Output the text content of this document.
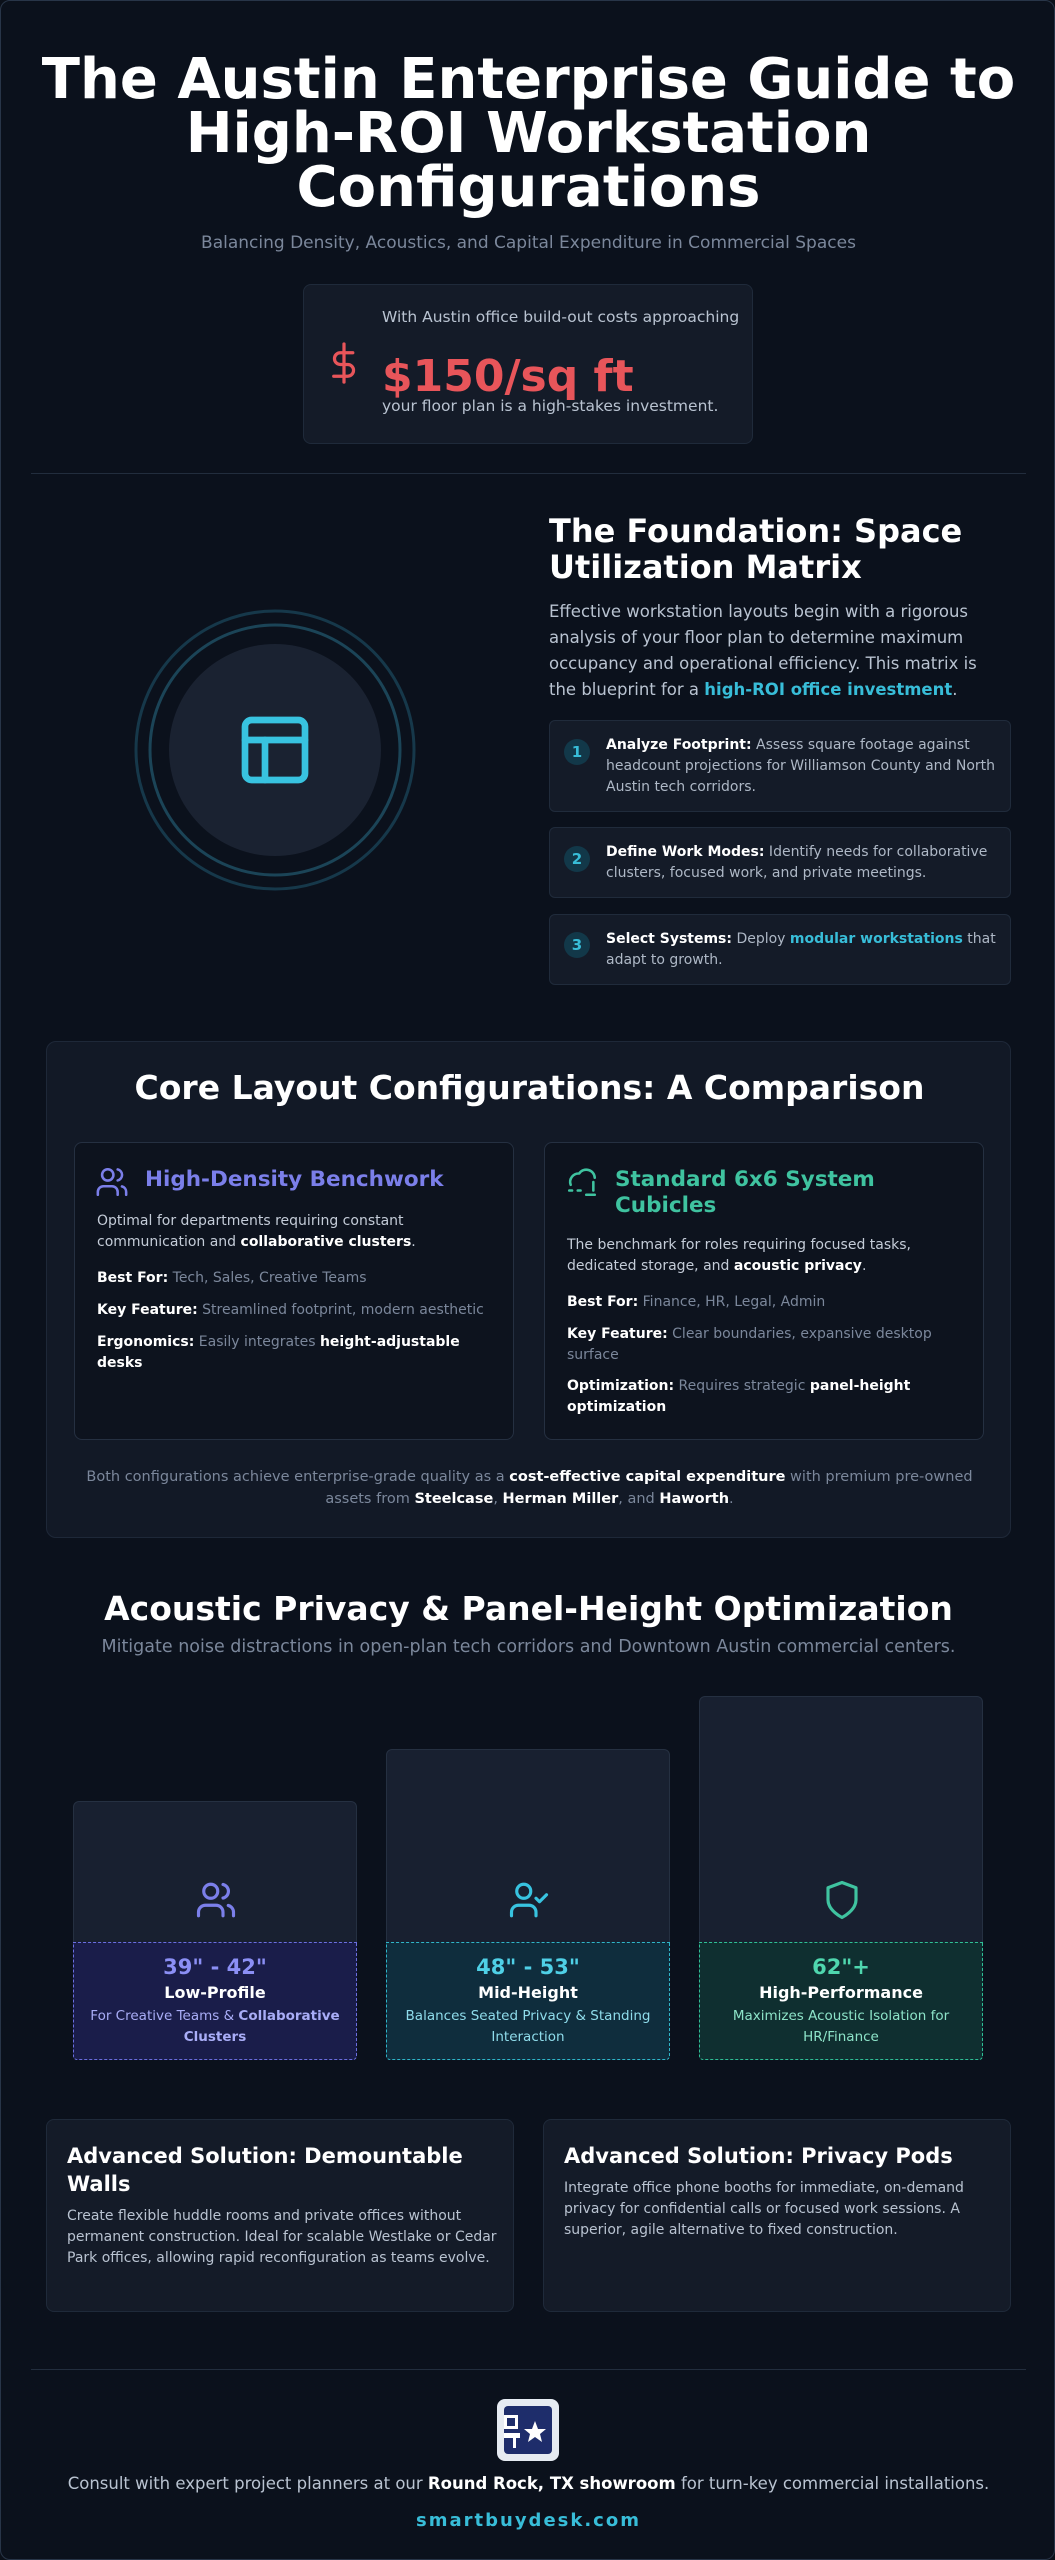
The Austin Enterprise Guide to High-ROI Workstation Configurations
Balancing Density, Acoustics, and Capital Expenditure in Commercial Spaces
With Austin office build-out costs approaching
$150/sq ft
your floor plan is a high-stakes investment.
The Foundation: Space Utilization Matrix

Effective workstation layouts begin with a rigorous analysis of your floor plan to determine maximum occupancy and operational efficiency. This matrix is the blueprint for a high-ROI office investment.

1	Analyze Footprint: Assess square footage against headcount projections for Williamson County and North Austin tech corridors.
2	Define Work Modes: Identify needs for collaborative clusters, focused work, and private meetings.
3	Select Systems: Deploy modular workstations that adapt to growth.
Core Layout Configurations: A Comparison
High-Density Benchwork
Optimal for departments requiring constant communication and collaborative clusters.
Best For: Tech, Sales, Creative Teams
Key Feature: Streamlined footprint, modern aesthetic
Ergonomics: Easily integrates height-adjustable desks
Standard 6x6 System Cubicles
The benchmark for roles requiring focused tasks, dedicated storage, and acoustic privacy.
Best For: Finance, HR, Legal, Admin
Key Feature: Clear boundaries, expansive desktop surface
Optimization: Requires strategic panel-height optimization
Both configurations achieve enterprise-grade quality as a cost-effective capital expenditure with premium pre-owned assets from Steelcase, Herman Miller, and Haworth.
Acoustic Privacy & Panel-Height Optimization
Mitigate noise distractions in open-plan tech corridors and Downtown Austin commercial centers.
39" - 42"
Low-Profile
For Creative Teams & Collaborative Clusters
48" - 53"
Mid-Height
Balances Seated Privacy & Standing Interaction
62"+
High-Performance
Maximizes Acoustic Isolation for HR/Finance
Advanced Solution: Demountable Walls
Create flexible huddle rooms and private offices without permanent construction. Ideal for scalable Westlake or Cedar Park offices, allowing rapid reconfiguration as teams evolve.
Advanced Solution: Privacy Pods
Integrate office phone booths for immediate, on-demand privacy for confidential calls or focused work sessions. A superior, agile alternative to fixed construction.
Consult with expert project planners at our Round Rock, TX showroom for turn-key commercial installations.
smartbuydesk.com
